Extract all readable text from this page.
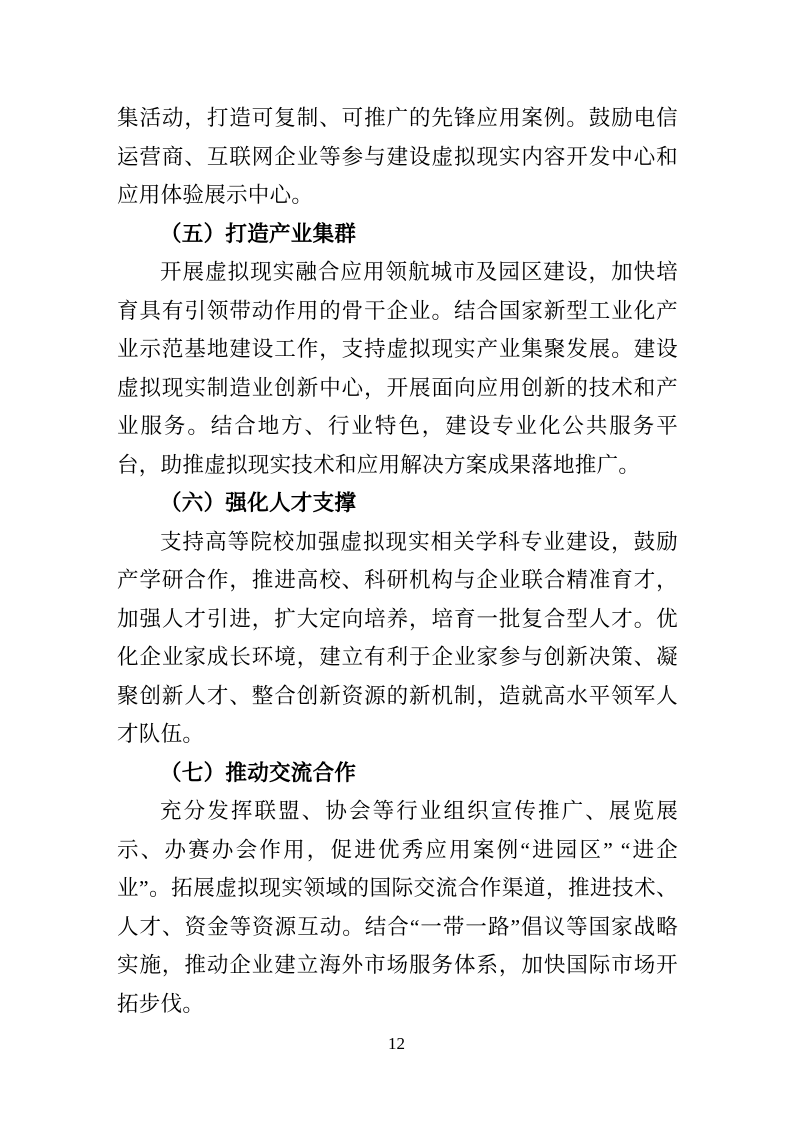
集活动，打造可复制、可推广的先锋应用案例。鼓励电信运营商、互联网企业等参与建设虚拟现实内容开发中心和应用体验展示中心。

（五）打造产业集群

开展虚拟现实融合应用领航城市及园区建设，加快培育具有引领带动作用的骨干企业。结合国家新型工业化产业示范基地建设工作，支持虚拟现实产业集聚发展。建设虚拟现实制造业创新中心，开展面向应用创新的技术和产业服务。结合地方、行业特色，建设专业化公共服务平台，助推虚拟现实技术和应用解决方案成果落地推广。

（六）强化人才支撑

支持高等院校加强虚拟现实相关学科专业建设，鼓励产学研合作，推进高校、科研机构与企业联合精准育才，加强人才引进，扩大定向培养，培育一批复合型人才。优化企业家成长环境，建立有利于企业家参与创新决策、凝聚创新人才、整合创新资源的新机制，造就高水平领军人才队伍。

（七）推动交流合作

充分发挥联盟、协会等行业组织宣传推广、展览展示、办赛办会作用，促进优秀应用案例“进园区” “进企业”。拓展虚拟现实领域的国际交流合作渠道，推进技术、人才、资金等资源互动。结合“一带一路”倡议等国家战略实施，推动企业建立海外市场服务体系，加快国际市场开拓步伐。

12
